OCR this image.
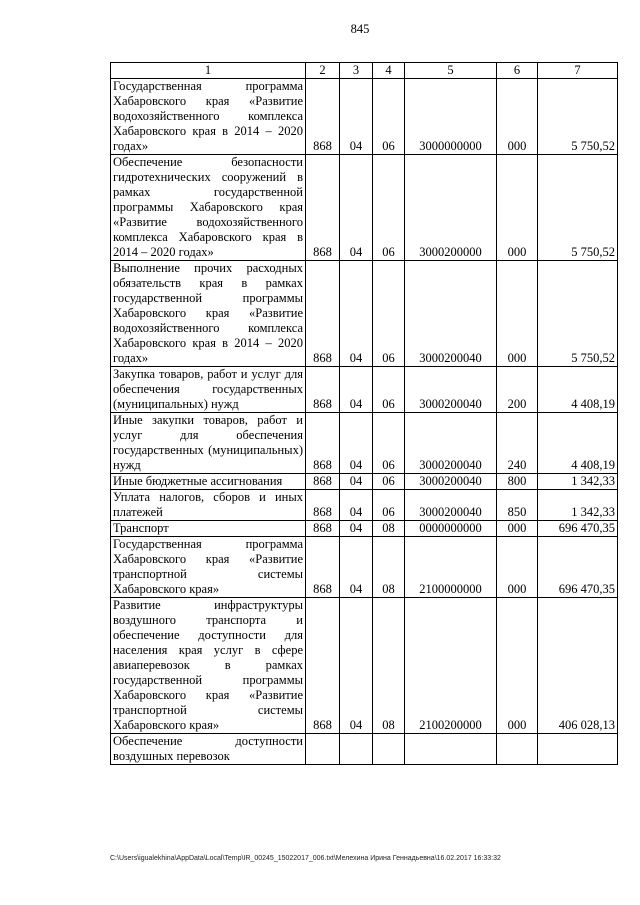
845
1	2	3	4	5	6	7
Государственная программа Хабаровского края «Развитие водохозяйственного комплекса Хабаровского края в 2014 – 2020 годах»	868	04	06	3000000000	000	5 750,52
Обеспечение безопасности гидротехнических сооружений в рамках государственной программы Хабаровского края «Развитие водохозяйственного комплекса Хабаровского края в 2014 – 2020 годах»	868	04	06	3000200000	000	5 750,52
Выполнение прочих расходных обязательств края в рамках государственной программы Хабаровского края «Развитие водохозяйственного комплекса Хабаровского края в 2014 – 2020 годах»	868	04	06	3000200040	000	5 750,52
Закупка товаров, работ и услуг для обеспечения государственных (муниципальных) нужд	868	04	06	3000200040	200	4 408,19
Иные закупки товаров, работ и услуг для обеспечения государственных (муниципальных) нужд	868	04	06	3000200040	240	4 408,19
Иные бюджетные ассигнования	868	04	06	3000200040	800	1 342,33
Уплата налогов, сборов и иных платежей	868	04	06	3000200040	850	1 342,33
Транспорт	868	04	08	0000000000	000	696 470,35
Государственная программа Хабаровского края «Развитие транспортной системы Хабаровского края»	868	04	08	2100000000	000	696 470,35
Развитие инфраструктуры воздушного транспорта и обеспечение доступности для населения края услуг в сфере авиаперевозок в рамках государственной программы Хабаровского края «Развитие транспортной системы Хабаровского края»	868	04	08	2100200000	000	406 028,13
Обеспечение доступности воздушных перевозок						
C:\Users\igualekhina\AppData\Local\Temp\IR_00245_15022017_006.txt\Мелехина Ирина Геннадьевна\16.02.2017 16:33:32
